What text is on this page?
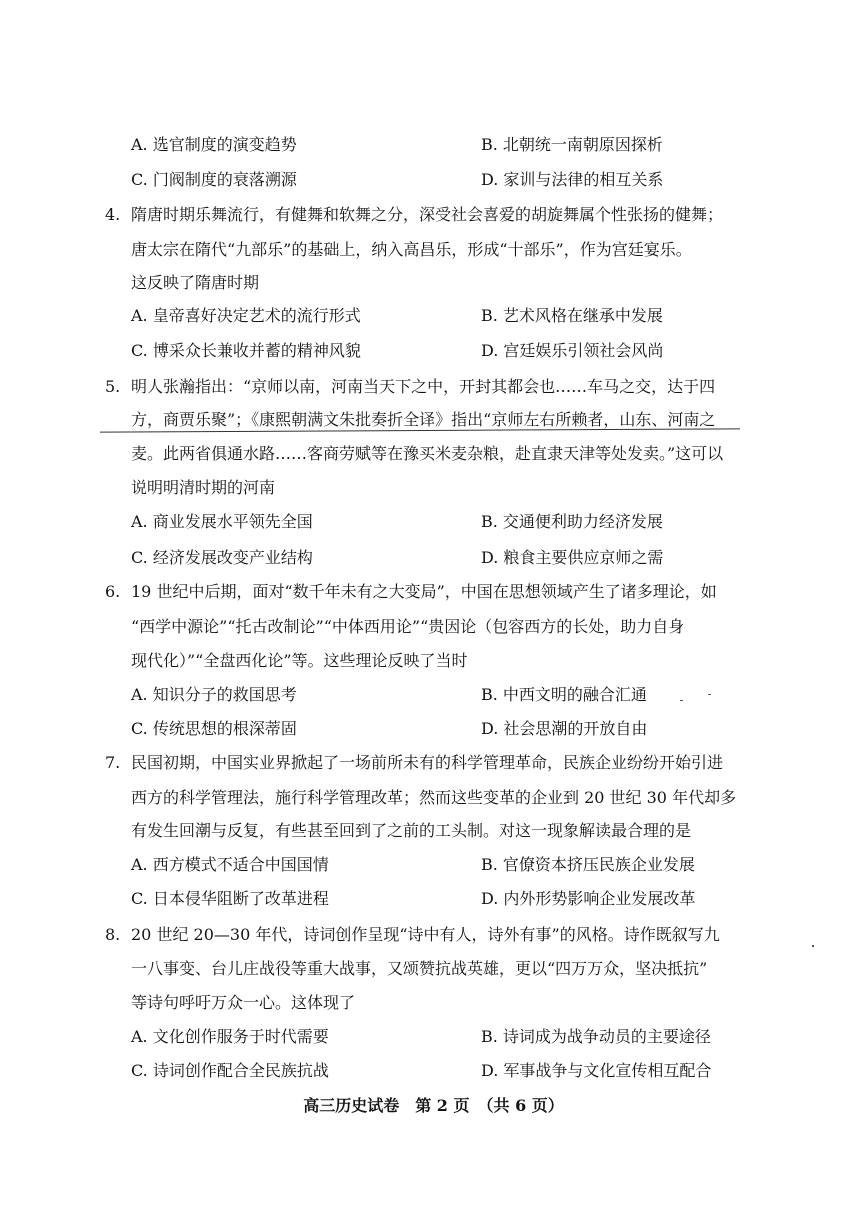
A. 选官制度的演变趋势	B. 北朝统一南朝原因探析
C. 门阀制度的衰落溯源	D. 家训与法律的相互关系
4. 隋唐时期乐舞流行，有健舞和软舞之分，深受社会喜爱的胡旋舞属个性张扬的健舞；
唐太宗在隋代“九部乐”的基础上，纳入高昌乐，形成“十部乐”，作为宫廷宴乐。
这反映了隋唐时期
A. 皇帝喜好决定艺术的流行形式	B. 艺术风格在继承中发展
C. 博采众长兼收并蓄的精神风貌	D. 宫廷娱乐引领社会风尚
5. 明人张瀚指出：“京师以南，河南当天下之中，开封其都会也……车马之交，达于四
方，商贾乐聚”；《康熙朝满文朱批奏折全译》指出“京师左右所赖者，山东、河南之
麦。此两省俱通水路……客商劳赋等在豫买米麦杂粮，赴直隶天津等处发卖。”这可以
说明明清时期的河南
A. 商业发展水平领先全国	B. 交通便利助力经济发展
C. 经济发展改变产业结构	D. 粮食主要供应京师之需
6. 19 世纪中后期，面对“数千年未有之大变局”，中国在思想领域产生了诸多理论，如
“西学中源论”“托古改制论”“中体西用论”“贵因论（包容西方的长处，助力自身
现代化）”“全盘西化论”等。这些理论反映了当时
A. 知识分子的救国思考	B. 中西文明的融合汇通
C. 传统思想的根深蒂固	D. 社会思潮的开放自由
7. 民国初期，中国实业界掀起了一场前所未有的科学管理革命，民族企业纷纷开始引进
西方的科学管理法，施行科学管理改革；然而这些变革的企业到 20 世纪 30 年代却多
有发生回潮与反复，有些甚至回到了之前的工头制。对这一现象解读最合理的是
A. 西方模式不适合中国国情	B. 官僚资本挤压民族企业发展
C. 日本侵华阻断了改革进程	D. 内外形势影响企业发展改革
8. 20 世纪 20—30 年代，诗词创作呈现“诗中有人，诗外有事”的风格。诗作既叙写九
一八事变、台儿庄战役等重大战事，又颂赞抗战英雄，更以“四万万众，坚决抵抗”
等诗句呼吁万众一心。这体现了
A. 文化创作服务于时代需要	B. 诗词成为战争动员的主要途径
C. 诗词创作配合全民族抗战	D. 军事战争与文化宣传相互配合
高三历史试卷　第 2 页　（共 6 页）
